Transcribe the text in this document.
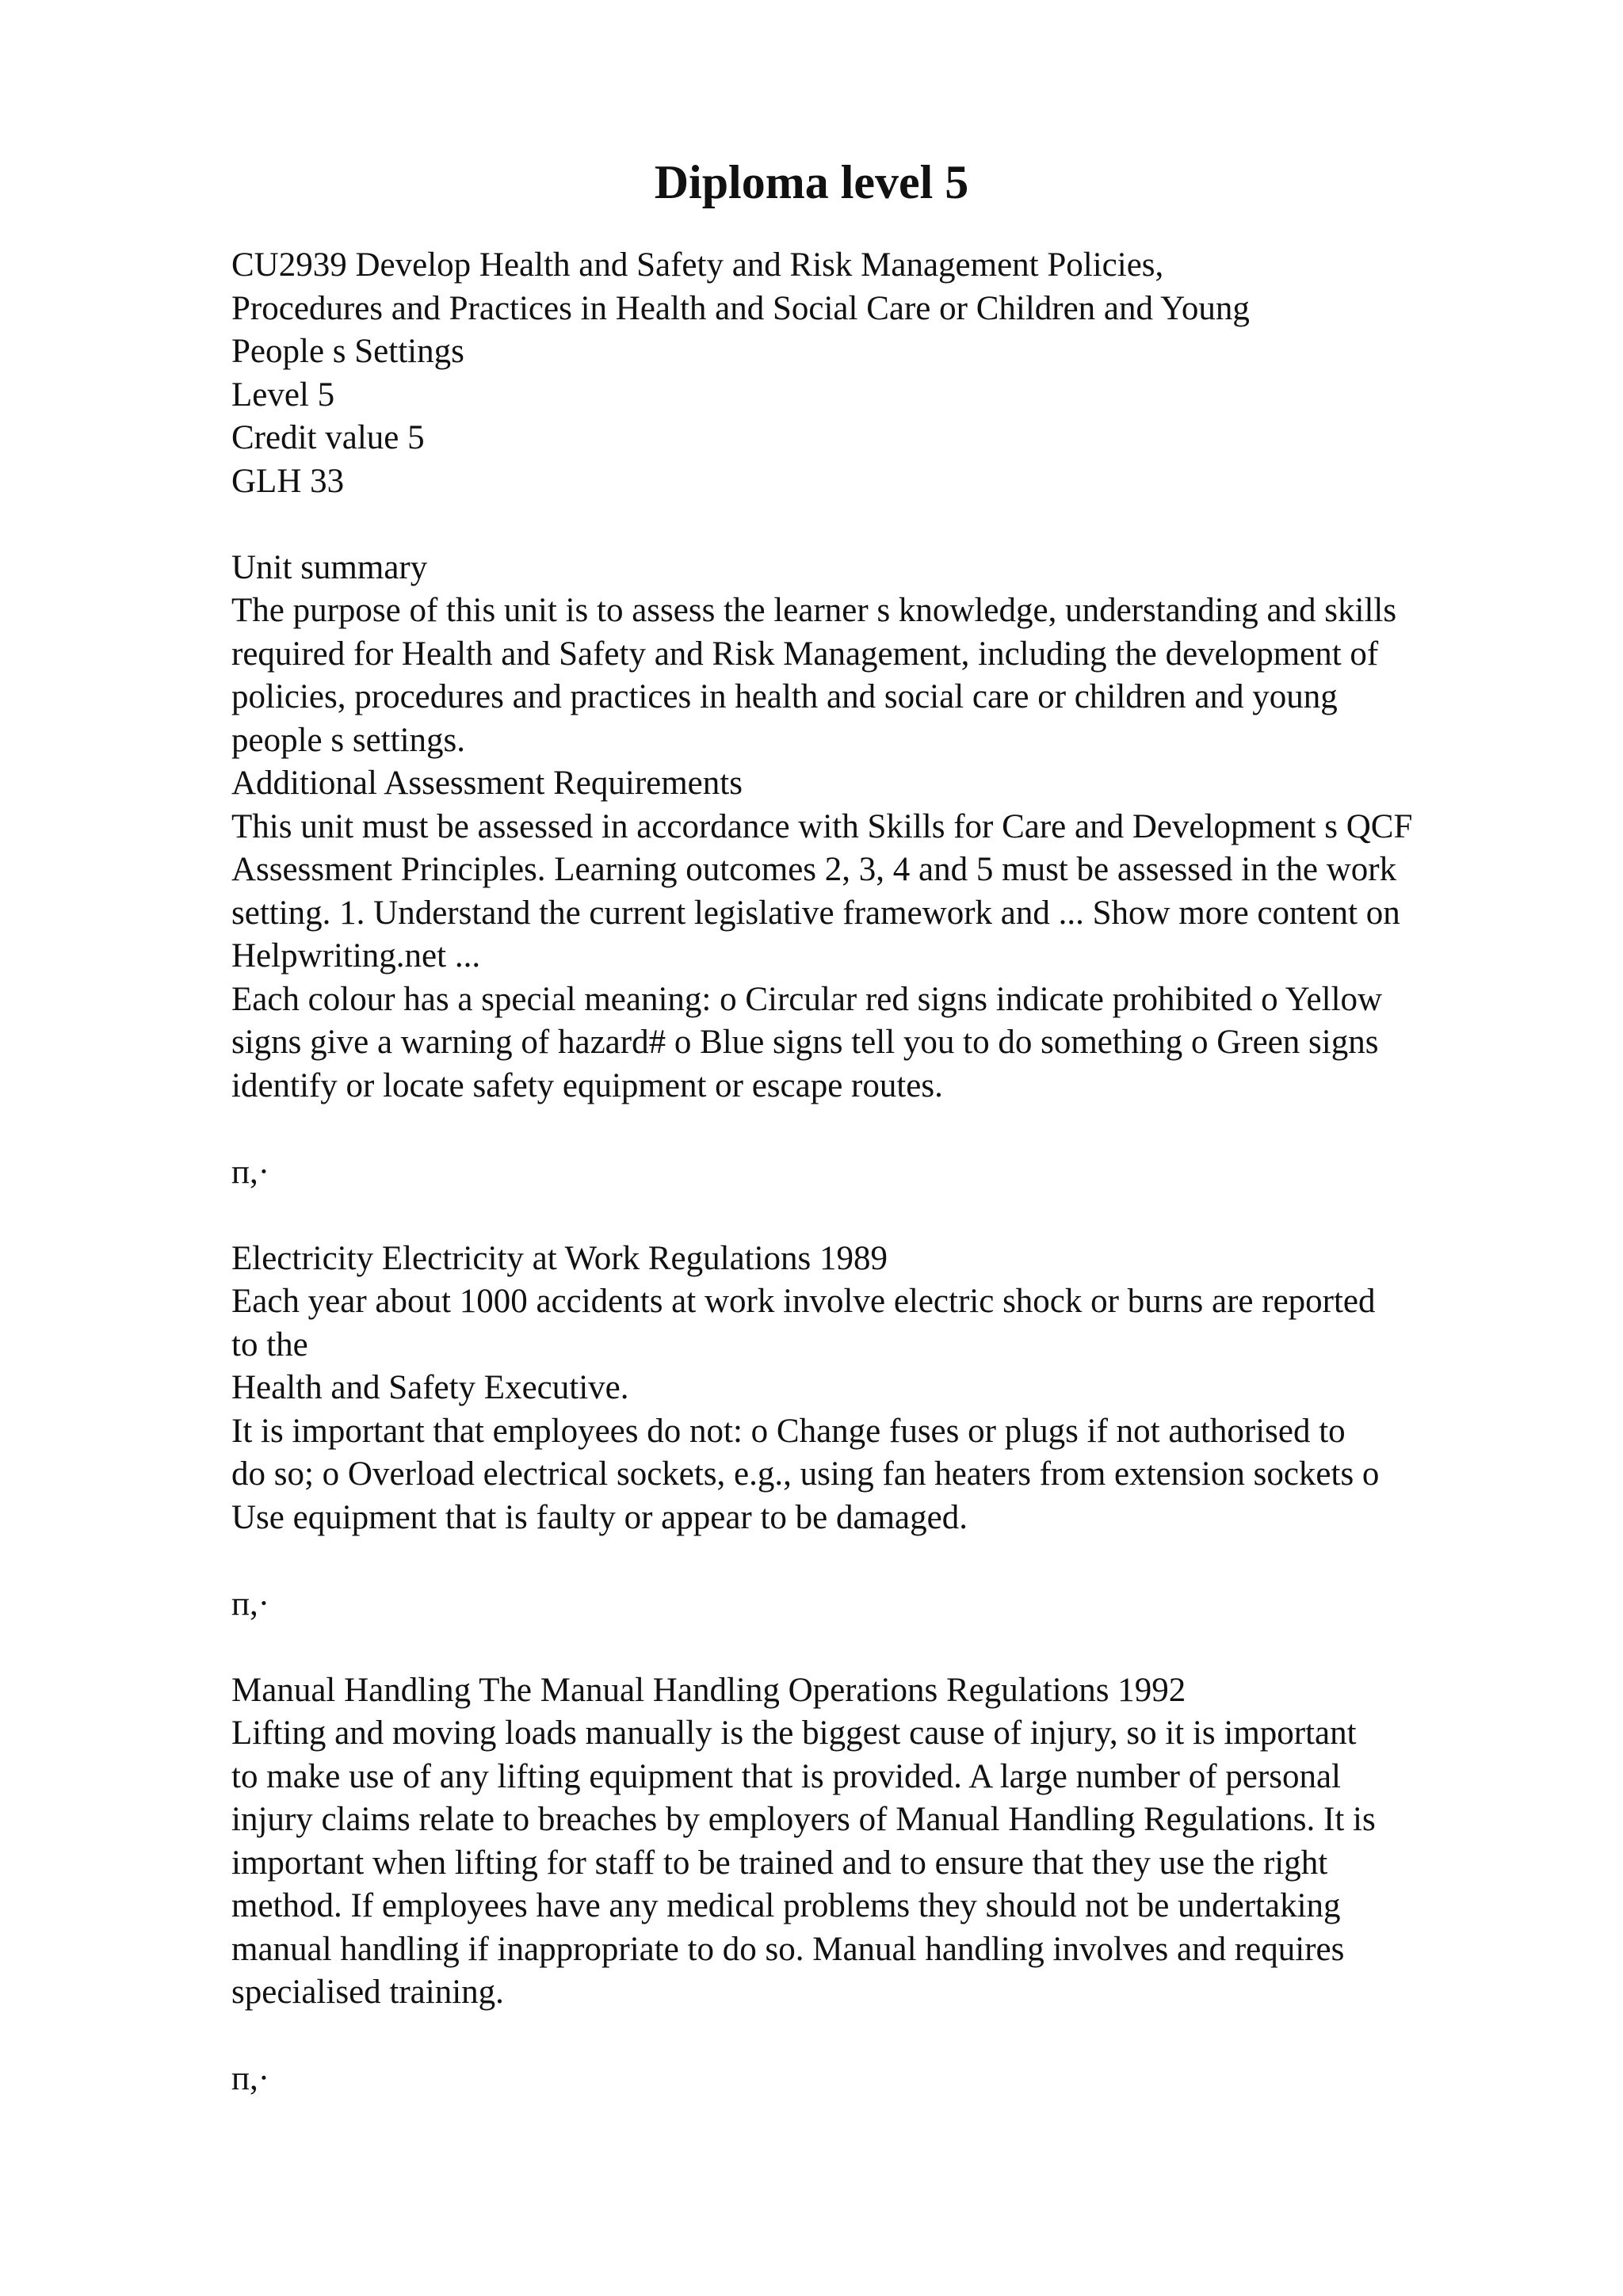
Diploma level 5
CU2939 Develop Health and Safety and Risk Management Policies,
Procedures and Practices in Health and Social Care or Children and Young
People s Settings
Level 5
Credit value 5
GLH 33
Unit summary
The purpose of this unit is to assess the learner s knowledge, understanding and skills
required for Health and Safety and Risk Management, including the development of
policies, procedures and practices in health and social care or children and young
people s settings.
Additional Assessment Requirements
This unit must be assessed in accordance with Skills for Care and Development s QCF
Assessment Principles. Learning outcomes 2, 3, 4 and 5 must be assessed in the work
setting. 1. Understand the current legislative framework and ... Show more content on
Helpwriting.net ...
Each colour has a special meaning: o Circular red signs indicate prohibited o Yellow
signs give a warning of hazard# o Blue signs tell you to do something o Green signs
identify or locate safety equipment or escape routes.
п,·
Electricity Electricity at Work Regulations 1989
Each year about 1000 accidents at work involve electric shock or burns are reported
to the
Health and Safety Executive.
It is important that employees do not: o Change fuses or plugs if not authorised to
do so; o Overload electrical sockets, e.g., using fan heaters from extension sockets o
Use equipment that is faulty or appear to be damaged.
п,·
Manual Handling The Manual Handling Operations Regulations 1992
Lifting and moving loads manually is the biggest cause of injury, so it is important
to make use of any lifting equipment that is provided. A large number of personal
injury claims relate to breaches by employers of Manual Handling Regulations. It is
important when lifting for staff to be trained and to ensure that they use the right
method. If employees have any medical problems they should not be undertaking
manual handling if inappropriate to do so. Manual handling involves and requires
specialised training.
п,·
